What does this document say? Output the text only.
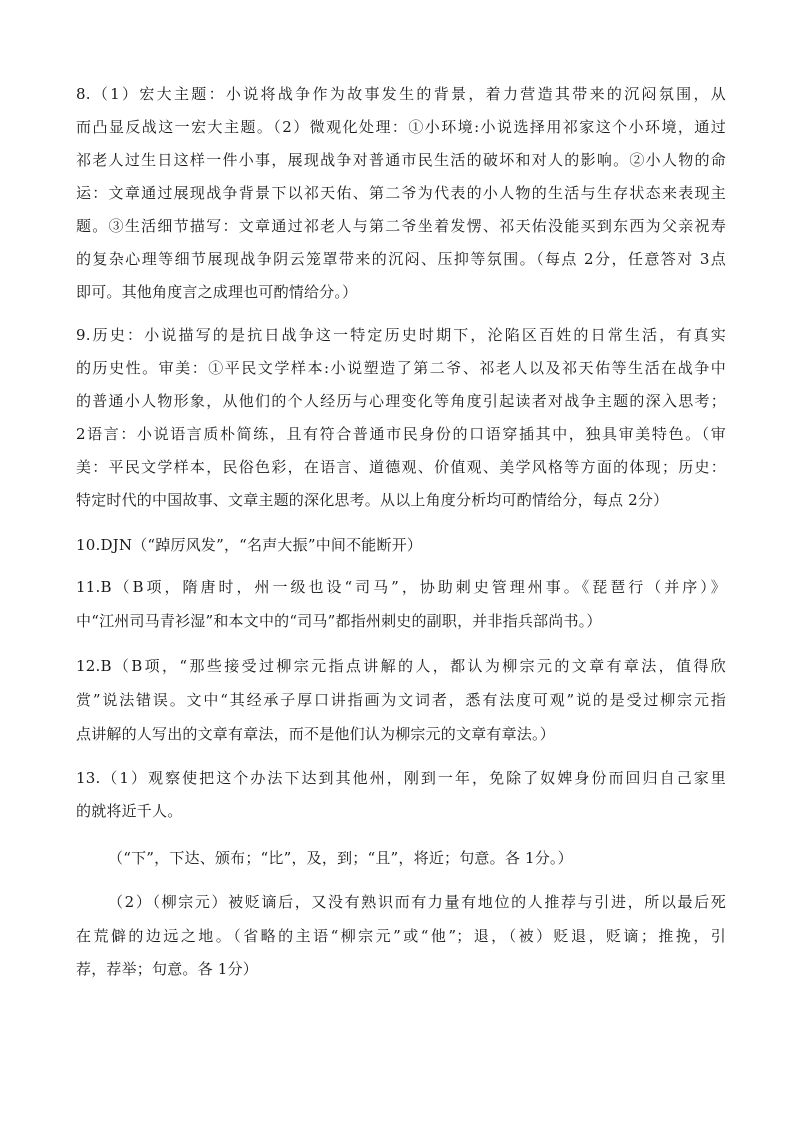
8.（1）宏大主题：小说将战争作为故事发生的背景，着力营造其带来的沉闷氛围，从
而凸显反战这一宏大主题。（2）微观化处理：①小环境:小说选择用祁家这个小环境，通过
祁老人过生日这样一件小事，展现战争对普通市民生活的破坏和对人的影响。②小人物的命
运：文章通过展现战争背景下以祁天佑、第二爷为代表的小人物的生活与生存状态来表现主
题。③生活细节描写：文章通过祁老人与第二爷坐着发愣、祁天佑没能买到东西为父亲祝寿
的复杂心理等细节展现战争阴云笼罩带来的沉闷、压抑等氛围。（每点 2分，任意答对 3点
即可。其他角度言之成理也可酌情给分。）
9.历史：小说描写的是抗日战争这一特定历史时期下，沦陷区百姓的日常生活，有真实
的历史性。审美：①平民文学样本:小说塑造了第二爷、祁老人以及祁天佑等生活在战争中
的普通小人物形象，从他们的个人经历与心理变化等角度引起读者对战争主题的深入思考；
2语言：小说语言质朴简练，且有符合普通市民身份的口语穿插其中，独具审美特色。（审
美：平民文学样本，民俗色彩，在语言、道德观、价值观、美学风格等方面的体现；历史：
特定时代的中国故事、文章主题的深化思考。从以上角度分析均可酌情给分，每点 2分）
10.DJN（“踔厉风发”，“名声大振”中间不能断开）
11.B（B项，隋唐时，州一级也设“司马”，协助刺史管理州事。《琵琶行（并序）》
中“江州司马青衫湿”和本文中的“司马”都指州刺史的副职，并非指兵部尚书。）
12.B（B项，“那些接受过柳宗元指点讲解的人，都认为柳宗元的文章有章法，值得欣
赏”说法错误。文中“其经承子厚口讲指画为文词者，悉有法度可观”说的是受过柳宗元指
点讲解的人写出的文章有章法，而不是他们认为柳宗元的文章有章法。）
13.（1）观察使把这个办法下达到其他州，刚到一年，免除了奴婢身份而回归自己家里
的就将近千人。
（“下”，下达、颁布；“比”，及，到；“且”，将近；句意。各 1分。）
（2）（柳宗元）被贬谪后，又没有熟识而有力量有地位的人推荐与引进，所以最后死
在荒僻的边远之地。（省略的主语“柳宗元”或“他”；退，（被）贬退，贬谪；推挽，引
荐，荐举；句意。各 1分）
